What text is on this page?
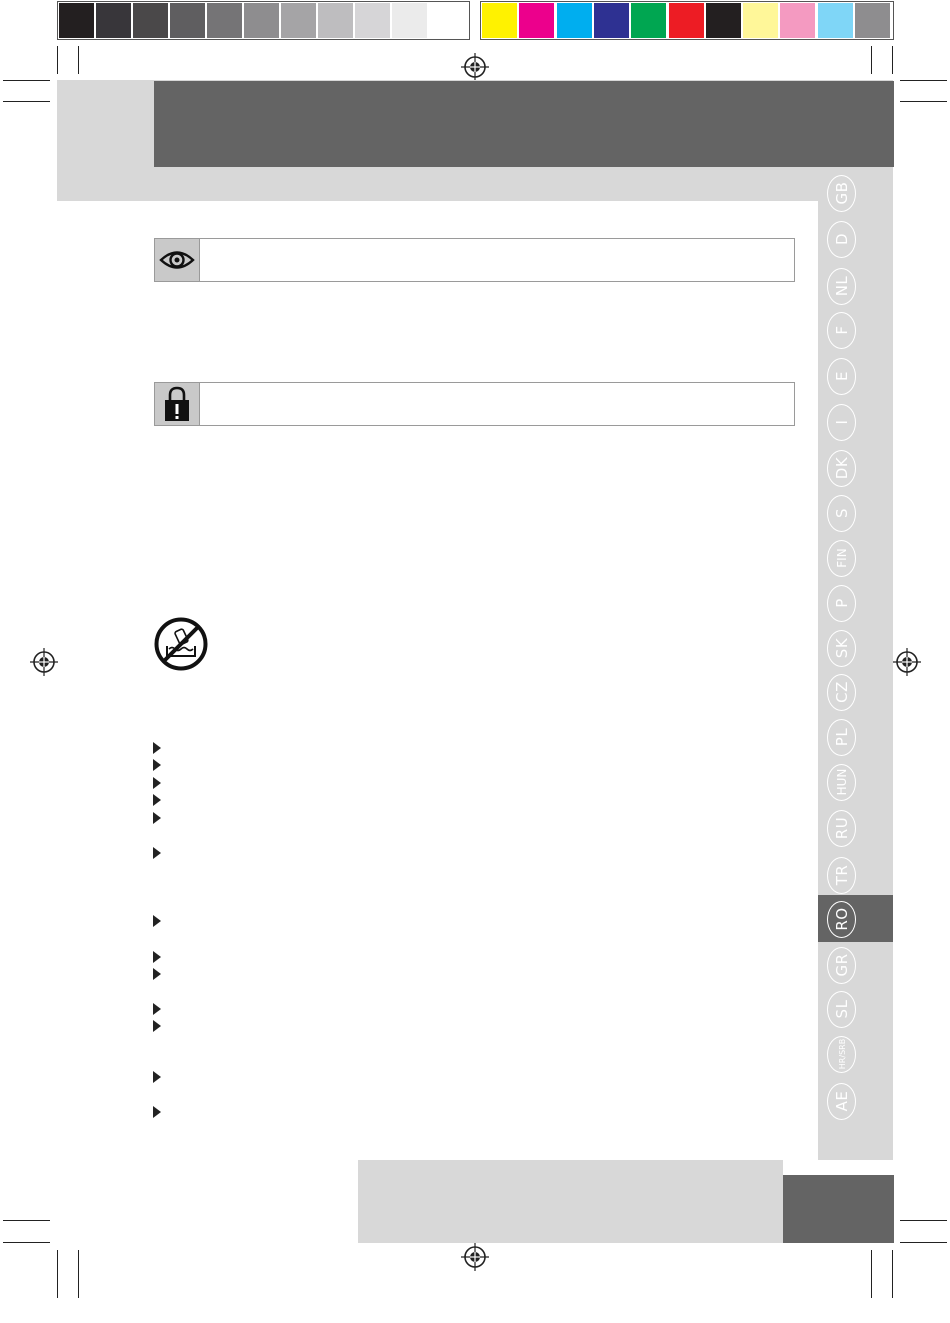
GB
D
NL
F
E
I
DK
S
FIN
P
SK
CZ
PL
HUN
RU
TR
RO
GR
SL
HR/SRB
AE
